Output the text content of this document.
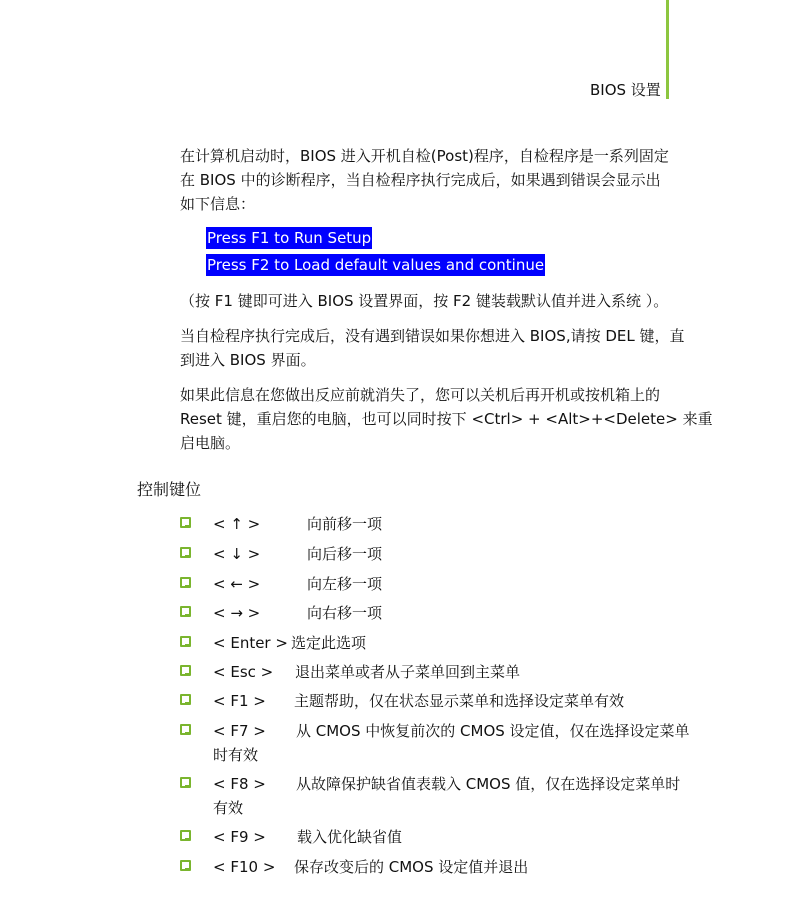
BIOS 设置

在计算机启动时，BIOS 进入开机自检(Post)程序，自检程序是一系列固定
在 BIOS 中的诊断程序，当自检程序执行完成后，如果遇到错误会显示出
如下信息：

Press F1 to Run Setup
Press F2 to Load default values and continue

（按 F1 键即可进入 BIOS 设置界面，按 F2 键装载默认值并进入系统 ）。

当自检程序执行完成后，没有遇到错误如果你想进入 BIOS,请按 DEL 键，直
到进入 BIOS 界面。

如果此信息在您做出反应前就消失了，您可以关机后再开机或按机箱上的
Reset 键，重启您的电脑，也可以同时按下 <Ctrl> + <Alt>+<Delete> 来重
启电脑。

控制键位
< ↑ >	向前移一项
< ↓ >	向后移一项
< ← >	向左移一项
< → >	向右移一项
< Enter > 选定此选项
< Esc > 退出菜单或者从子菜单回到主菜单
< F1 > 主题帮助，仅在状态显示菜单和选择设定菜单有效
< F7 > 从 CMOS 中恢复前次的 CMOS 设定值，仅在选择设定菜单
时有效
< F8 > 从故障保护缺省值表载入 CMOS 值，仅在选择设定菜单时
有效
< F9 > 载入优化缺省值
< F10 > 保存改变后的 CMOS 设定值并退出
